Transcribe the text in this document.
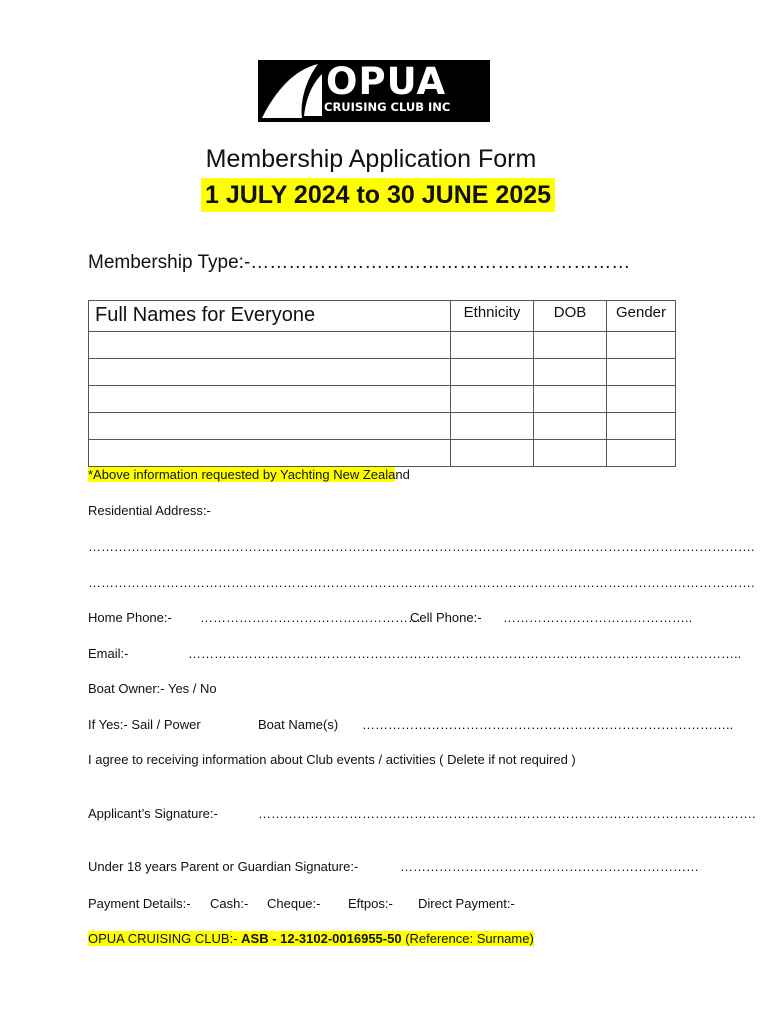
OPUA
CRUISING CLUB INC
Membership Application Form
1 JULY 2024 to 30 JUNE 2025
Membership Type:-……………………………………………………
Full Names for Everyone	Ethnicity	DOB	Gender

*Above information requested by Yachting New Zealand
Residential Address:-
……………………………………………………………………………………………………………………………………….
……………………………………………………………………………………………………………………………………….
Home Phone:- ……………………………………………
Cell Phone:- ……………………………………..
Email:-	………………………………………………………………………………………………………………..
Boat Owner:- Yes / No
If Yes:- Sail / Power	Boat Name(s) …………………………………………………………………………..
I agree to receiving information about Club events / activities ( Delete if not required )
Applicant’s Signature:-	…………………………………………………………………………………………………….
Under 18 years Parent or Guardian Signature:-	……………………………………………………………
Payment Details:- Cash:- Cheque:- Eftpos:- Direct Payment:-
OPUA CRUISING CLUB:- ASB - 12-3102-0016955-50 (Reference: Surname)
